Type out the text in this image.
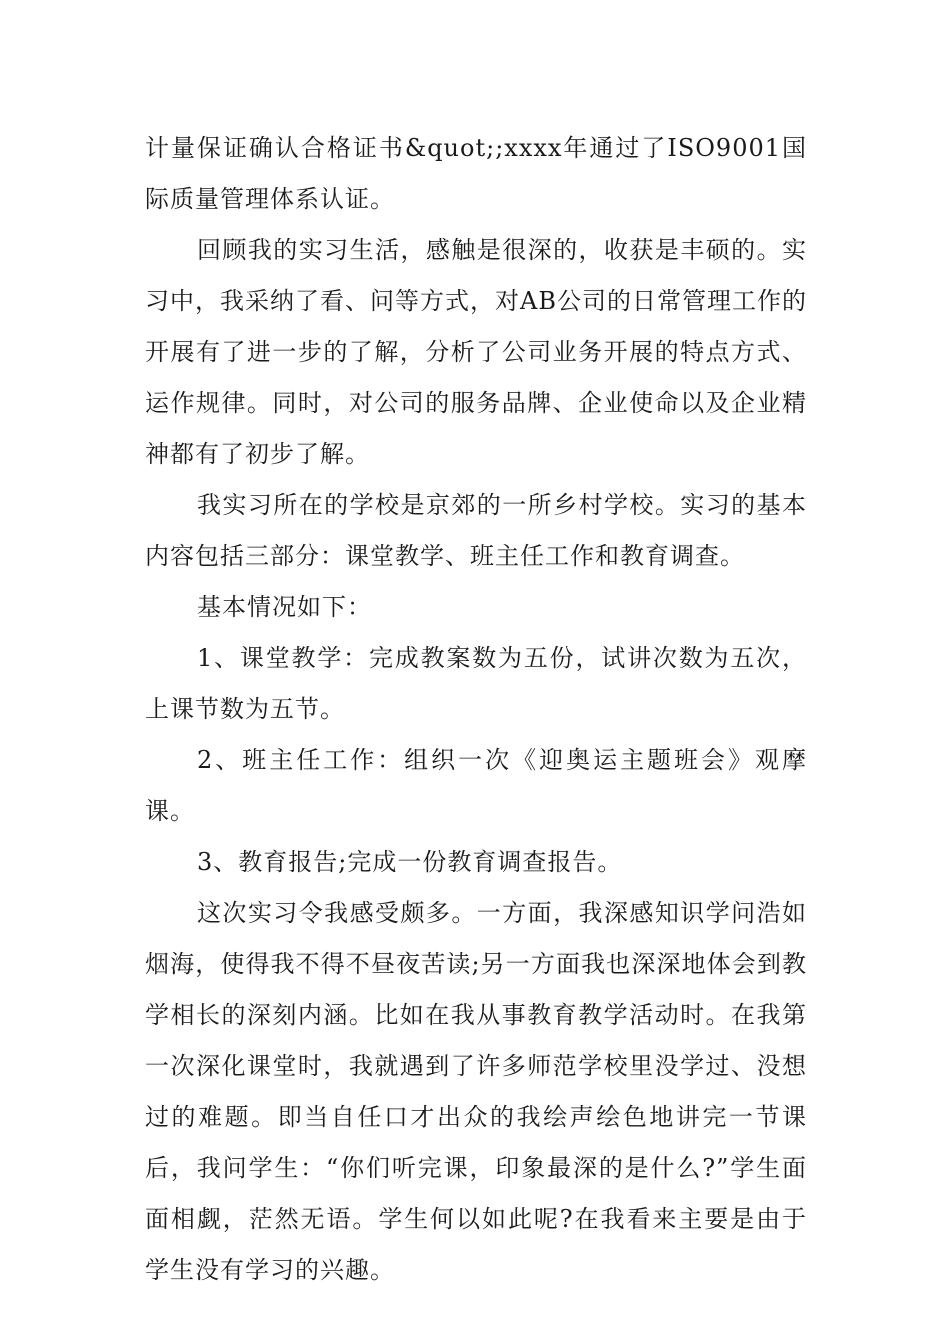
计量保证确认合格证书&quot;;xxxx年通过了ISO9001国际质量管理体系认证。

回顾我的实习生活，感触是很深的，收获是丰硕的。实习中，我采纳了看、问等方式，对AB公司的日常管理工作的开展有了进一步的了解，分析了公司业务开展的特点方式、运作规律。同时，对公司的服务品牌、企业使命以及企业精神都有了初步了解。

我实习所在的学校是京郊的一所乡村学校。实习的基本内容包括三部分：课堂教学、班主任工作和教育调查。

基本情况如下：

1、课堂教学：完成教案数为五份，试讲次数为五次，上课节数为五节。

2、班主任工作：组织一次《迎奥运主题班会》观摩课。

3、教育报告;完成一份教育调查报告。

这次实习令我感受颇多。一方面，我深感知识学问浩如烟海，使得我不得不昼夜苦读;另一方面我也深深地体会到教学相长的深刻内涵。比如在我从事教育教学活动时。在我第一次深化课堂时，我就遇到了许多师范学校里没学过、没想过的难题。即当自任口才出众的我绘声绘色地讲完一节课后，我问学生：“你们听完课，印象最深的是什么?”学生面面相觑，茫然无语。学生何以如此呢?在我看来主要是由于学生没有学习的兴趣。
